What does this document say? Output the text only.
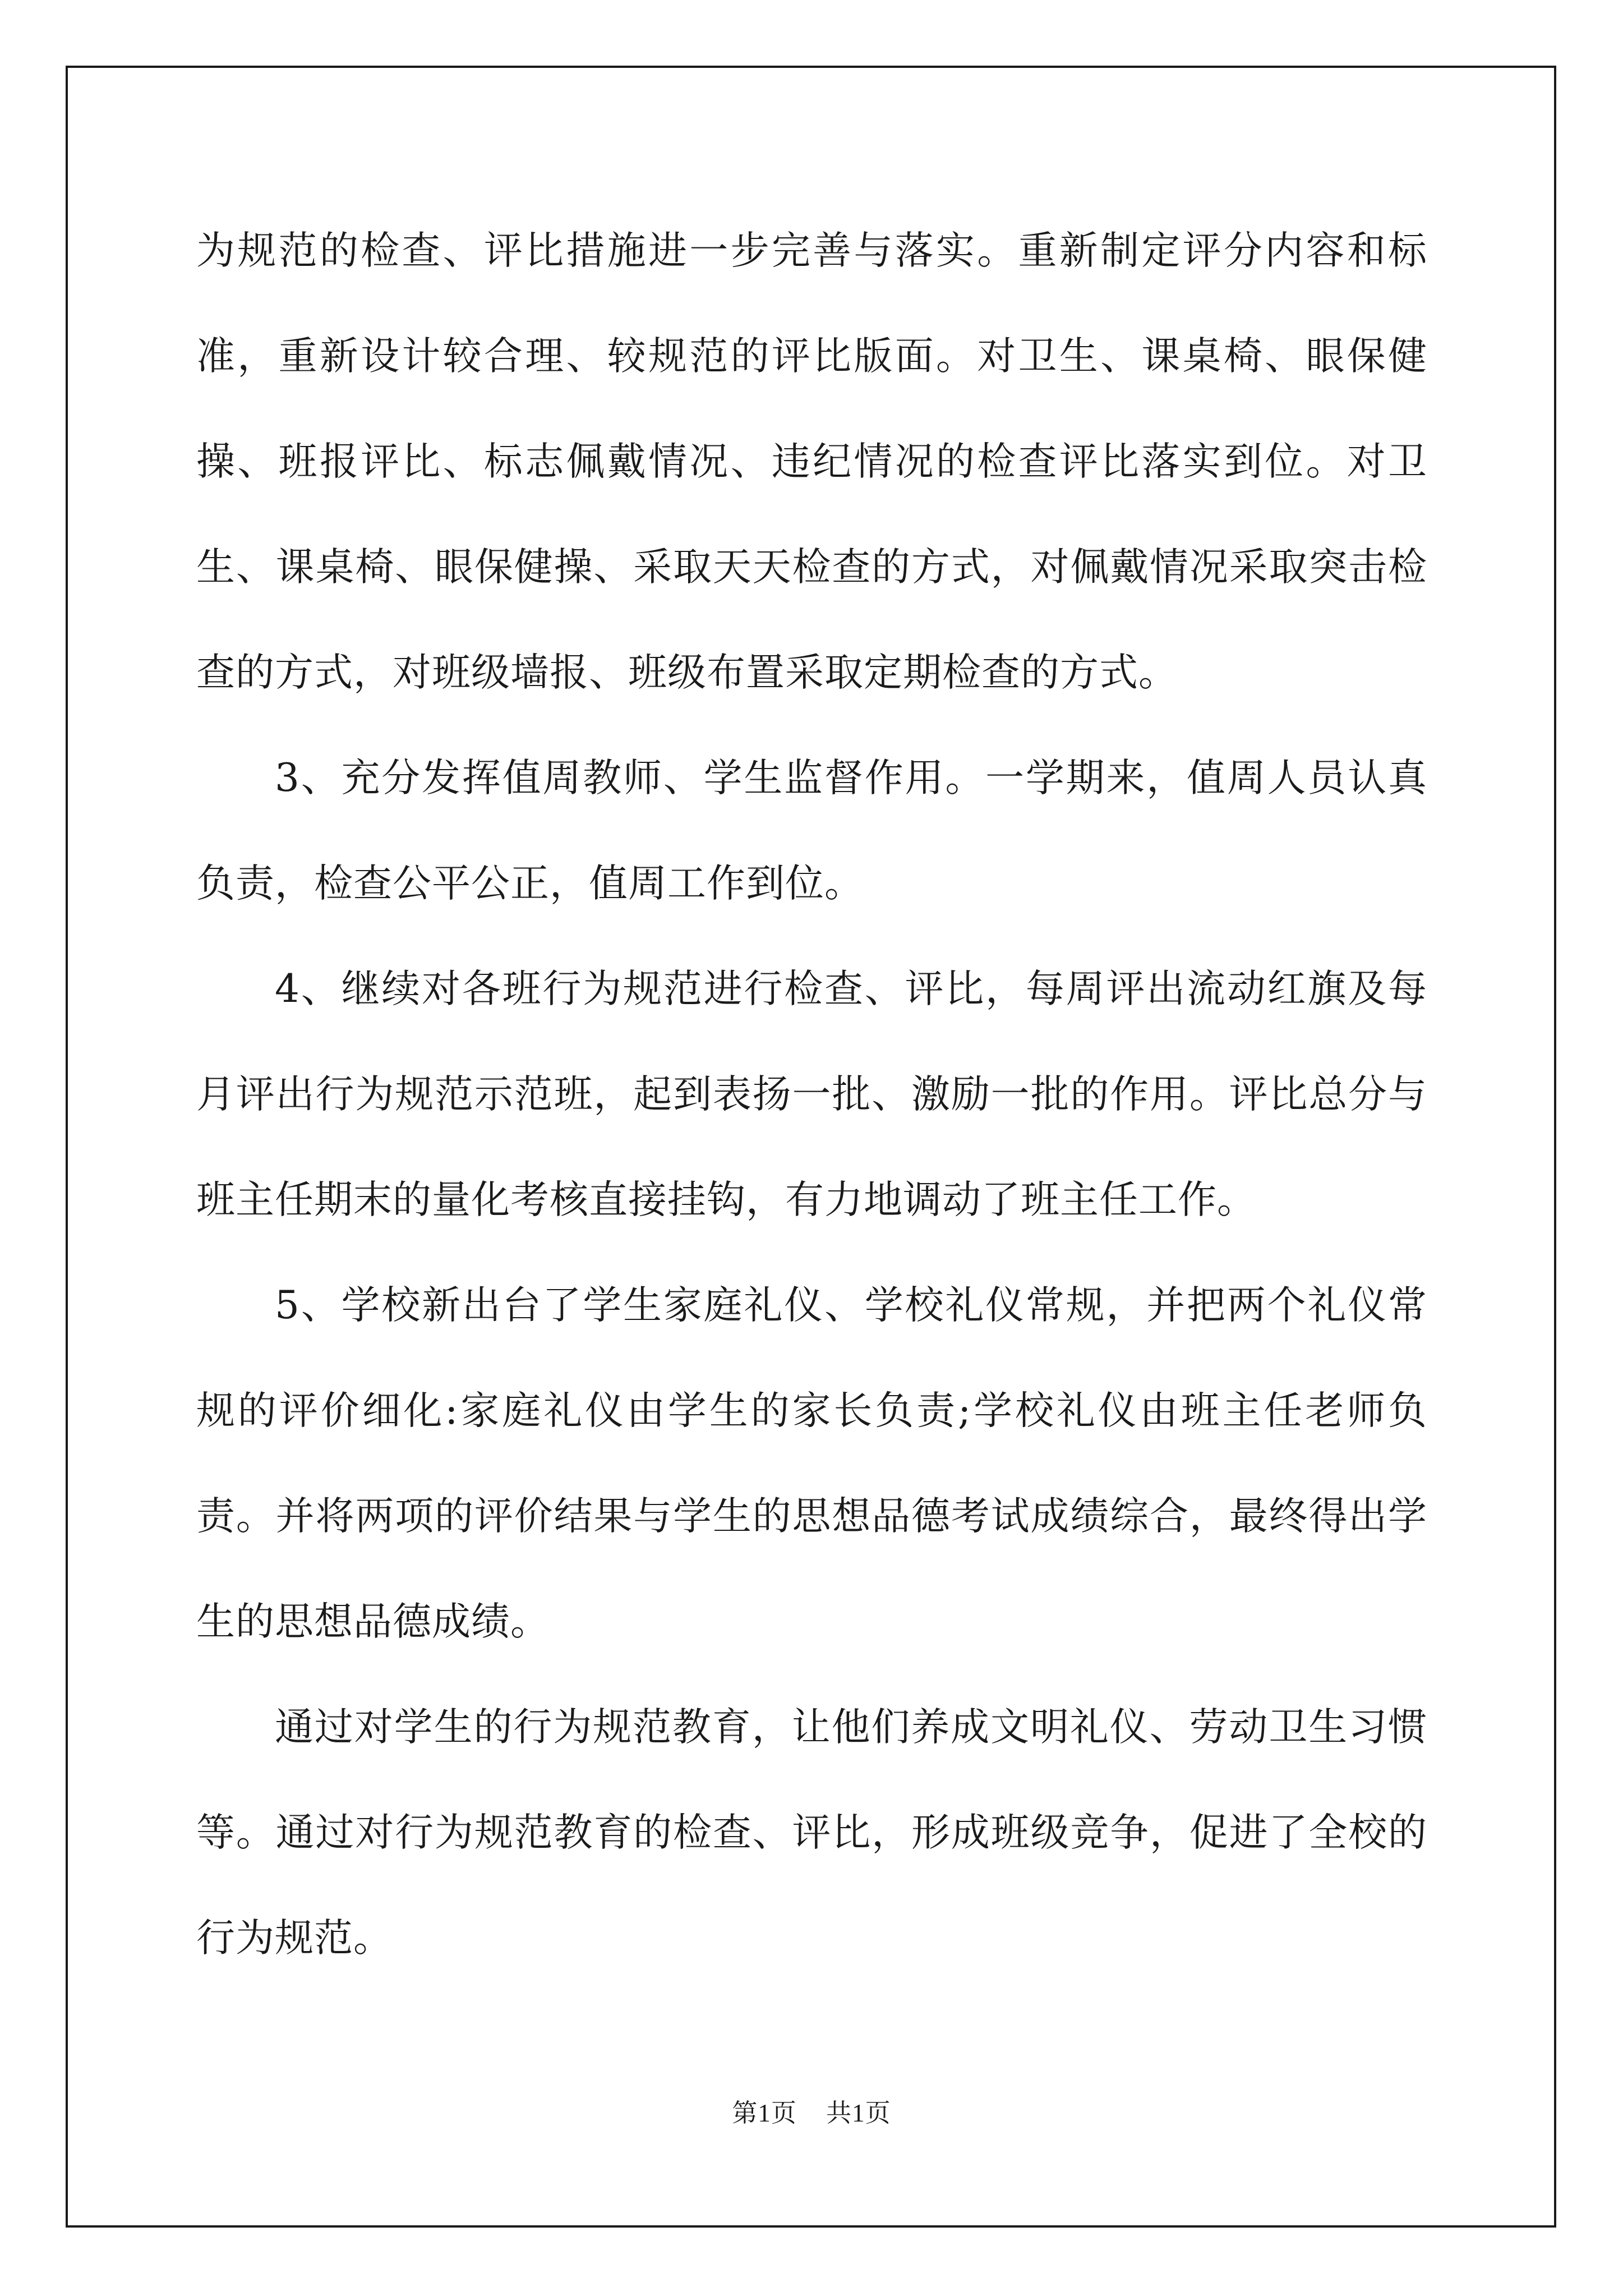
为规范的检查、评比措施进一步完善与落实。重新制定评分内容和标准，重新设计较合理、较规范的评比版面。对卫生、课桌椅、眼保健操、班报评比、标志佩戴情况、违纪情况的检查评比落实到位。对卫生、课桌椅、眼保健操、采取天天检查的方式，对佩戴情况采取突击检查的方式，对班级墙报、班级布置采取定期检查的方式。

3、充分发挥值周教师、学生监督作用。一学期来，值周人员认真负责，检查公平公正，值周工作到位。

4、继续对各班行为规范进行检查、评比，每周评出流动红旗及每月评出行为规范示范班，起到表扬一批、激励一批的作用。评比总分与班主任期末的量化考核直接挂钩，有力地调动了班主任工作。

5、学校新出台了学生家庭礼仪、学校礼仪常规，并把两个礼仪常规的评价细化:家庭礼仪由学生的家长负责;学校礼仪由班主任老师负责。并将两项的评价结果与学生的思想品德考试成绩综合，最终得出学生的思想品德成绩。

通过对学生的行为规范教育，让他们养成文明礼仪、劳动卫生习惯等。通过对行为规范教育的检查、评比，形成班级竞争，促进了全校的行为规范。

第1页 共1页
